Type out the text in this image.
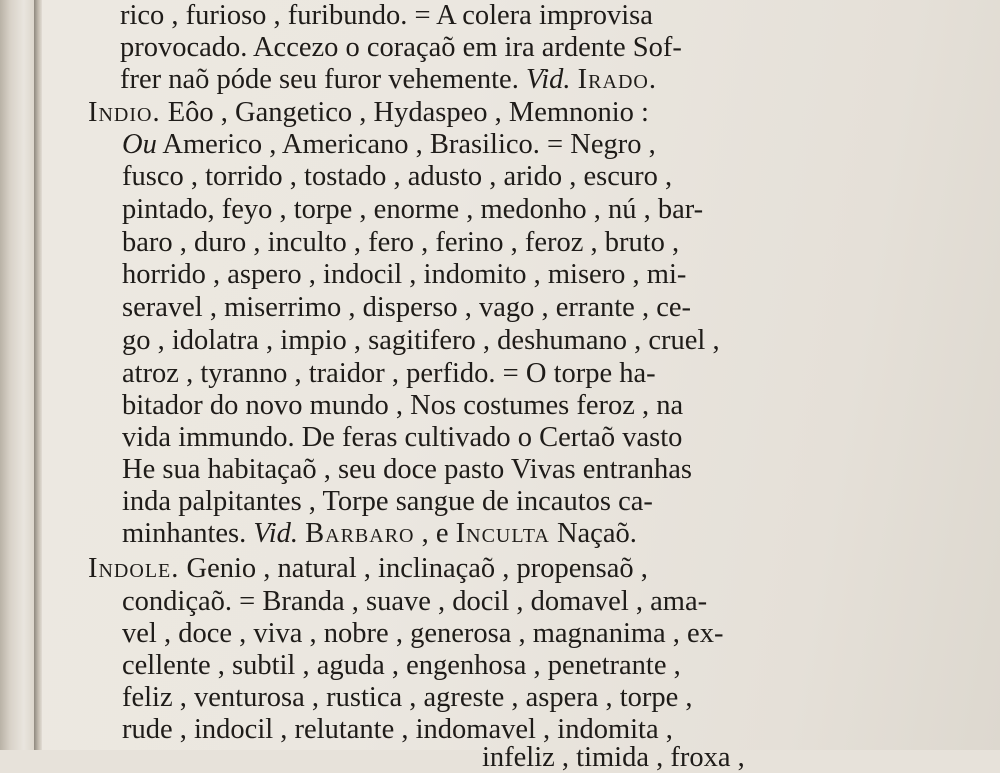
rico , furioso , furibundo. = A colera improvisa
provocado. Accezo o coraçaõ em ira ardente Sof-
frer naõ póde seu furor vehemente. Vid. Irado.
Indio. Eôo , Gangetico , Hydaspeo , Memnonio :
Ou Americo , Americano , Brasilico. = Negro ,
fusco , torrido , tostado , adusto , arido , escuro ,
pintado, feyo , torpe , enorme , medonho , nú , bar-
baro , duro , inculto , fero , ferino , feroz , bruto ,
horrido , aspero , indocil , indomito , misero , mi-
seravel , miserrimo , disperso , vago , errante , ce-
go , idolatra , impio , sagitifero , deshumano , cruel ,
atroz , tyranno , traidor , perfido. = O torpe ha-
bitador do novo mundo , Nos costumes feroz , na
vida immundo. De feras cultivado o Certaõ vasto
He sua habitaçaõ , seu doce pasto Vivas entranhas
inda palpitantes , Torpe sangue de incautos ca-
minhantes. Vid. Barbaro , e Inculta Naçaõ.
Indole. Genio , natural , inclinaçaõ , propensaõ ,
condiçaõ. = Branda , suave , docil , domavel , ama-
vel , doce , viva , nobre , generosa , magnanima , ex-
cellente , subtil , aguda , engenhosa , penetrante ,
feliz , venturosa , rustica , agreste , aspera , torpe ,
rude , indocil , relutante , indomavel , indomita ,
infeliz , timida , froxa ,
